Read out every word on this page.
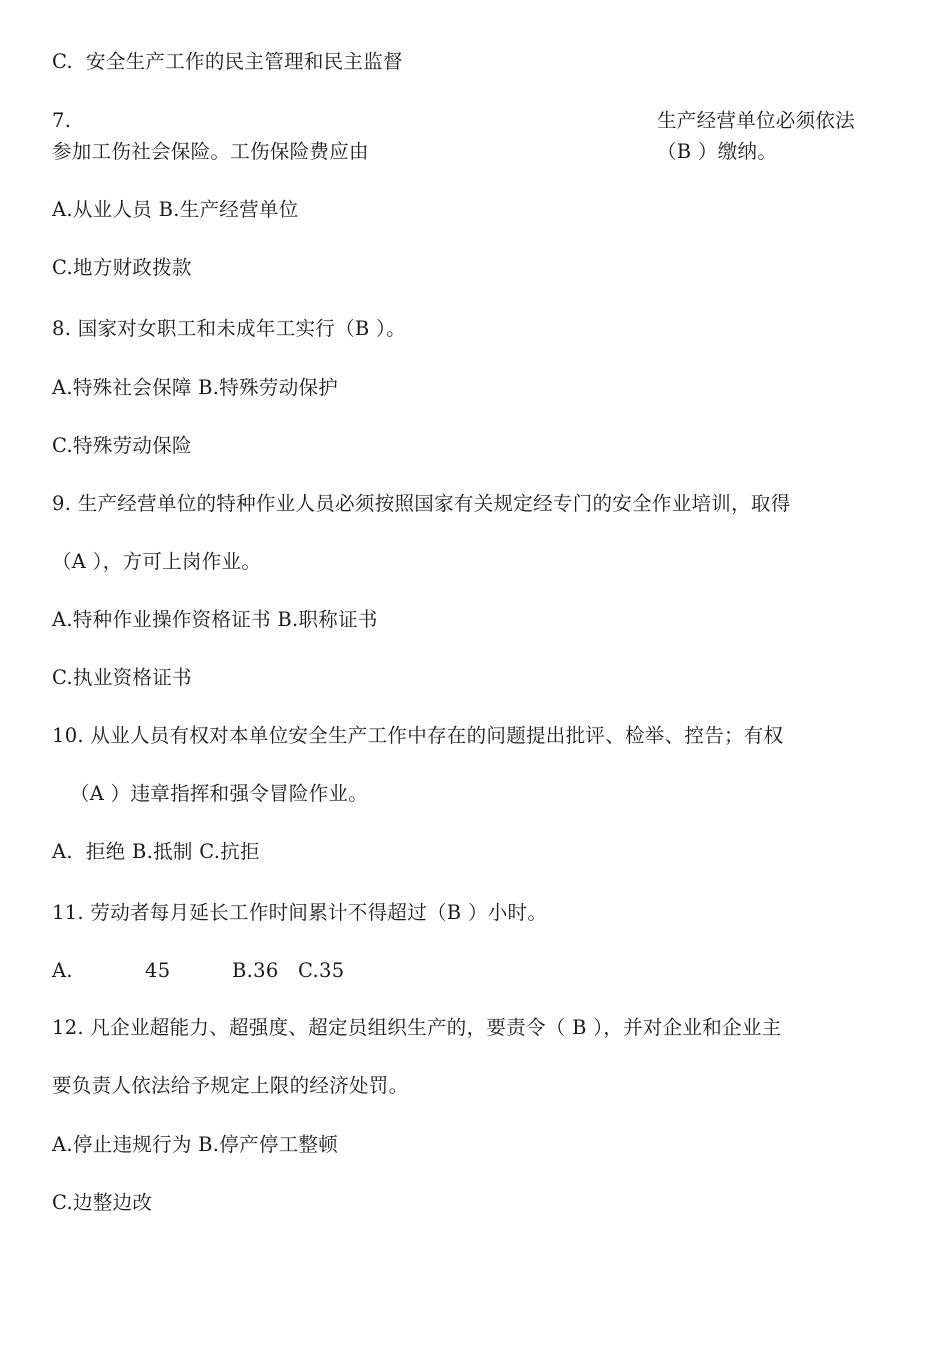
C.  安全生产工作的民主管理和民主监督
7.	生产经营单位必须依法
参加工伤社会保险。工伤保险费应由	（B ）缴纳。
A.从业人员 B.生产经营单位
C.地方财政拨款
8. 国家对女职工和未成年工实行（B ）。
A.特殊社会保障 B.特殊劳动保护
C.特殊劳动保险
9. 生产经营单位的特种作业人员必须按照国家有关规定经专门的安全作业培训，取得
（A ），方可上岗作业。
A.特种作业操作资格证书 B.职称证书
C.执业资格证书
10. 从业人员有权对本单位安全生产工作中存在的问题提出批评、检举、控告；有权
（A ）违章指挥和强令冒险作业。
A.  拒绝 B.抵制 C.抗拒
11. 劳动者每月延长工作时间累计不得超过（B ）小时。
A.	45	B.36   C.35
12. 凡企业超能力、超强度、超定员组织生产的，要责令（ B ），并对企业和企业主
要负责人依法给予规定上限的经济处罚。
A.停止违规行为 B.停产停工整顿
C.边整边改
